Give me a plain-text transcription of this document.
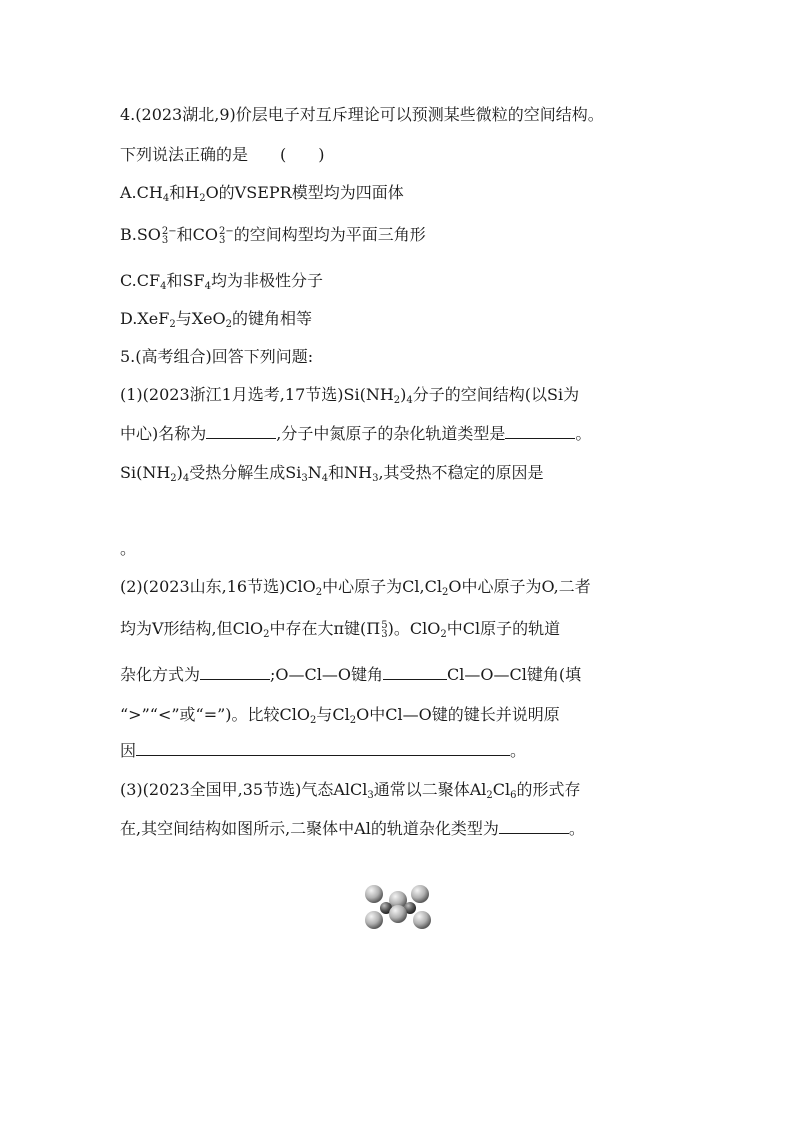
4.(2023湖北,9)价层电子对互斥理论可以预测某些微粒的空间结构。
下列说法正确的是　　(　　)
$A.CH_4$和$H_2O$的VSEPR模型均为四面体
B.SO 2−
3 和CO 2−
3 的空间构型均为平面三角形
$C.CF_4$和$SF_4$均为非极性分子
D.XeF$_2$与XeO$_2$的键角相等
5.(高考组合)回答下列问题:
(1)(2023浙江1月选考,17节选)$Si(NH_2)_4$分子的空间结构(以Si为
中心)名称为	,分子中氮原子的杂化轨道类型是	。
$Si(NH_2)_4$受热分解生成$Si_3N_4$和$NH_3$,其受热不稳定的原因是
。
(2)(2023山东,16节选)ClO$_2$中心原子为$Cl,Cl_2O$中心原子为O,二者
均为V形结构,但ClO$_2$中存在大π键(Π 5
3 )。ClO$_2$中Cl原子的轨道
杂化方式为	;O—Cl—O键角	Cl—O—Cl键角(填
“>”“<”或“=”)。比较ClO$_2$与$Cl_2O$中Cl—O键的键长并说明原
因	。
(3)(2023全国甲,35节选)气态AlCl$_3$通常以二聚体$Al_2Cl_6$的形式存
在,其空间结构如图所示,二聚体中Al的轨道杂化类型为	。
